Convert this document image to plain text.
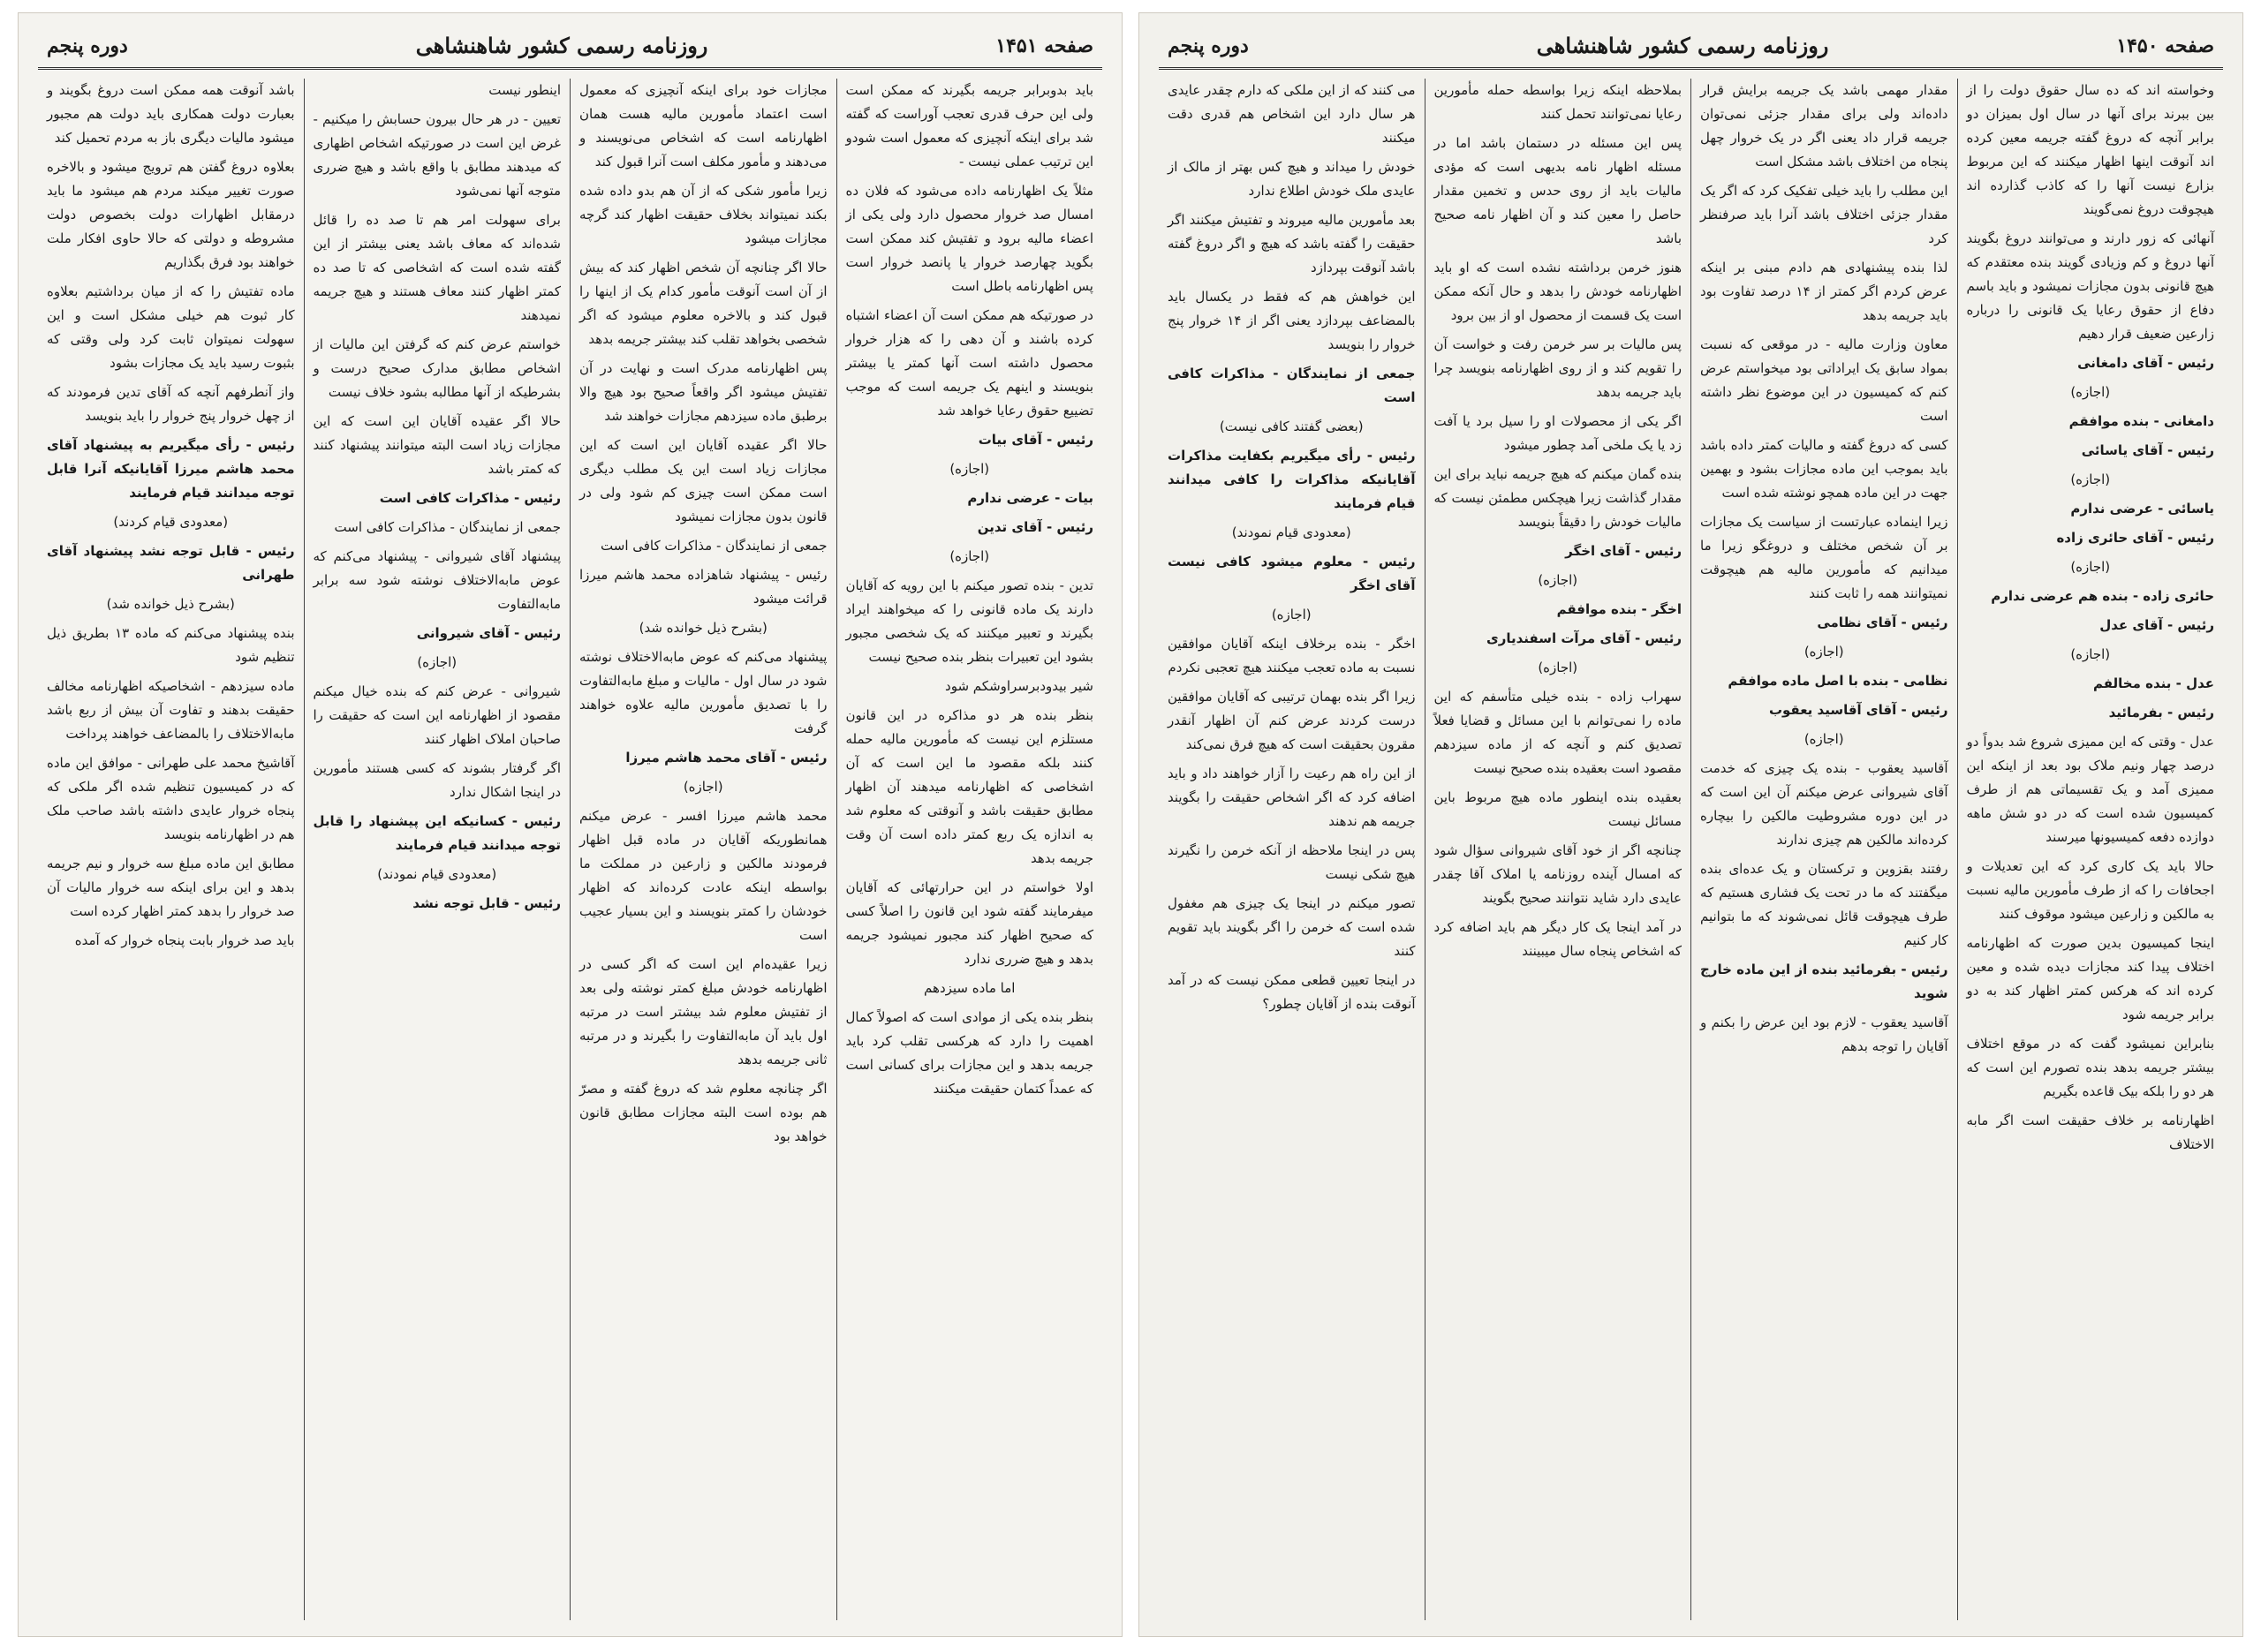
صفحه ۱۴۵۱
روزنامه رسمی کشور شاهنشاهی
دوره پنجم

باید بدوبرابر جریمه بگیرند که ممکن است ولی این حرف قدری تعجب آوراست که گفته شد برای اینکه آنچیزی که معمول است شودو این ترتیب عملی نیست -

مثلاً یک اظهارنامه داده می‌شود که فلان ده امسال صد خروار محصول دارد ولی یکی از اعضاء مالیه برود و تفتیش کند ممکن است بگوید چهارصد خروار یا پانصد خروار است پس اظهارنامه باطل است

در صورتیکه هم ممکن است آن اعضاء اشتباه کرده باشند و آن دهی را که هزار خروار محصول داشته است آنها کمتر یا بیشتر بنویسند و اینهم یک جریمه است که موجب تضییع حقوق رعایا خواهد شد

رئیس - آقای بیات

(اجازه)

بیات - عرضی ندارم

رئیس - آقای تدین

(اجازه)

تدین - بنده تصور میکنم با این رویه که آقایان دارند یک ماده قانونی را که میخواهند ایراد بگیرند و تعبیر میکنند که یک شخصی مجبور بشود این تعبیرات بنظر بنده صحیح نیست

شیر بیدودبرسراوشکم شود

بنظر بنده هر دو مذاکره در این قانون مستلزم این نیست که مأمورین مالیه حمله کنند بلکه مقصود ما این است که آن اشخاصی که اظهارنامه میدهند آن اظهار مطابق حقیقت باشد و آنوقتی که معلوم شد به اندازه یک ربع کمتر داده است آن وقت جریمه بدهد

اولا خواستم در این حرارتهائی که آقایان میفرمایند گفته شود این قانون را اصلاً کسی که صحیح اظهار کند مجبور نمیشود جریمه بدهد و هیچ ضرری ندارد

اما ماده سیزدهم

بنظر بنده یکی از موادی است که اصولاً کمال اهمیت را دارد که هرکسی تقلب کرد باید جریمه بدهد و این مجازات برای کسانی است که عمداً کتمان حقیقت میکنند

مجازات خود برای اینکه آنچیزی که معمول است اعتماد مأمورین مالیه هست همان اظهارنامه است که اشخاص می‌نویسند و می‌دهند و مأمور مکلف است آنرا قبول کند

زیرا مأمور شکی که از آن هم بدو داده شده بکند نمیتواند بخلاف حقیقت اظهار کند گرچه مجازات ميشود

حالا اگر چنانچه آن شخص اظهار کند که بیش از آن است آنوقت مأمور کدام یک از اینها را قبول کند و بالاخره معلوم میشود که اگر شخصی بخواهد تقلب کند بیشتر جریمه بدهد

پس اظهارنامه مدرک است و نهایت در آن تفتیش میشود اگر واقعاً صحیح بود هیچ والا برطبق ماده سیزدهم مجازات خواهند شد

حالا اگر عقیده آقایان این است که این مجازات زیاد است این یک مطلب دیگری است ممکن است چیزی کم شود ولی در قانون بدون مجازات نمیشود

جمعی از نمایندگان - مذاکرات کافی است

رئیس - پیشنهاد شاهزاده محمد هاشم میرزا قرائت میشود

(بشرح ذیل خوانده شد)

پیشنهاد می‌کنم که عوض مابه‌الاختلاف نوشته شود در سال اول - مالیات و مبلغ مابه‌التفاوت را با تصدیق مأمورین مالیه علاوه خواهند گرفت

رئیس - آقای محمد هاشم میرزا

(اجازه)

محمد هاشم میرزا افسر - عرض میکنم همانطوریکه آقایان در ماده قبل اظهار فرمودند مالکین و زارعین در مملکت ما بواسطه اینکه عادت کرده‌اند که اظهار خودشان را کمتر بنویسند و این بسیار عجیب است

زیرا عقیده‌ام این است که اگر کسی در اظهارنامه خودش مبلغ کمتر نوشته ولی بعد از تفتیش معلوم شد بیشتر است در مرتبه اول باید آن مابه‌التفاوت را بگیرند و در مرتبه ثانی جریمه بدهد

اگر چنانچه معلوم شد که دروغ گفته و مصرّ هم بوده است البته مجازات مطابق قانون خواهد بود

اینطور نیست

تعیین - در هر حال بیرون حسابش را میکنیم - غرض این است در صورتیکه اشخاص اظهاری که میدهند مطابق با واقع باشد و هیچ ضرری متوجه آنها نمی‌شود

برای سهولت امر هم تا صد ده را قائل شده‌اند که معاف باشد یعنی بیشتر از این گفته شده است که اشخاصی که تا صد ده کمتر اظهار کنند معاف هستند و هیچ جریمه نمیدهند

خواستم عرض کنم که گرفتن این مالیات از اشخاص مطابق مدارک صحیح درست و بشرطیکه از آنها مطالبه بشود خلاف نیست

حالا اگر عقیده آقایان این است که این مجازات زیاد است البته میتوانند پیشنهاد کنند که کمتر باشد

رئیس - مذاکرات کافی است

جمعی از نمایندگان - مذاکرات کافی است

پیشنهاد آقای شیروانی - پیشنهاد می‌کنم که عوض مابه‌الاختلاف نوشته شود سه برابر مابه‌التفاوت

رئیس - آقای شیروانی

(اجازه)

شیروانی - عرض کنم که بنده خیال میکنم مقصود از اظهارنامه این است که حقیقت را صاحبان املاک اظهار کنند

اگر گرفتار بشوند که کسی هستند مأمورین در اینجا اشکال ندارد

رئیس - کسانیکه این پیشنهاد را قابل توجه میدانند قیام فرمایند

(معدودی قیام نمودند)

رئیس - قابل توجه نشد

باشد آنوقت همه ممکن است دروغ بگویند و بعبارت دولت همکاری باید دولت هم مجبور میشود مالیات دیگری باز به مردم تحمیل کند

بعلاوه دروغ گفتن هم ترویج میشود و بالاخره صورت تغییر میکند مردم هم میشود ما باید درمقابل اظهارات دولت بخصوص دولت مشروطه و دولتی که حالا حاوی افکار ملت خواهند بود فرق بگذاریم

ماده تفتیش را که از میان برداشتیم بعلاوه کار ثبوت هم خیلی مشکل است و این سهولت نمیتوان ثابت کرد ولی وقتی که بثبوت رسید باید یک مجازات بشود

واز آنطرفهم آنچه که آقای تدین فرمودند که از چهل خروار پنج خروار را باید بنویسد

رئیس - رأی میگیریم به پیشنهاد آقای محمد هاشم میرزا آقایانیکه آنرا قابل توجه میدانند قیام فرمایند

(معدودی قیام کردند)

رئیس - قابل توجه نشد پیشنهاد آقای طهرانی

(بشرح ذیل خوانده شد)

بنده پیشنهاد می‌کنم که ماده ۱۳ بطریق ذیل تنظیم شود

ماده سیزدهم - اشخاصیکه اظهارنامه مخالف حقیقت بدهند و تفاوت آن بیش از ربع باشد مابه‌الاختلاف را بالمضاعف خواهند پرداخت

آقاشیخ محمد علی طهرانی - موافق این ماده که در کمیسیون تنظیم شده اگر ملکی که پنجاه خروار عایدی داشته باشد صاحب ملک هم در اظهارنامه بنویسد

مطابق این ماده مبلغ سه خروار و نیم جریمه بدهد و این برای اینکه سه خروار مالیات آن صد خروار را بدهد کمتر اظهار کرده است

باید صد خروار بابت پنجاه خروار که آمده

صفحه ۱۴۵۰
روزنامه رسمی کشور شاهنشاهی
دوره پنجم

وخواسته اند که ده سال حقوق دولت را از بین ببرند برای آنها در سال اول بمیزان دو برابر آنچه که دروغ گفته جریمه معین کرده اند آنوقت اینها اظهار میکنند که این مربوط بزارع نیست آنها را که کاذب گذارده اند هیچوقت دروغ نمی‌گویند

آنهائی که زور دارند و می‌توانند دروغ بگویند آنها دروغ و کم وزیادی گویند بنده معتقدم که هیچ قانونی بدون مجازات نمیشود و باید باسم دفاع از حقوق رعایا یک قانونی را درباره زارعین ضعیف قرار دهیم

رئیس - آقای دامغانی

(اجازه)

دامغانی - بنده موافقم

رئیس - آقای یاسائی

(اجازه)

یاسائی - عرضی ندارم

رئیس - آقای حائری زاده

(اجازه)

حائری زاده - بنده هم عرضی ندارم

رئیس - آقای عدل

(اجازه)

عدل - بنده مخالفم

رئیس - بفرمائید

عدل - وقتی که این ممیزی شروع شد بدواً دو درصد چهار ونیم ملاک بود بعد از اینکه این ممیزی آمد و یک تقسیماتی هم از طرف کمیسیون شده است که در دو شش ماهه دوازده دفعه کمیسیونها میرسند

حالا باید یک کاری کرد که این تعدیلات و اجحافات را که از طرف مأمورین مالیه نسبت به مالکین و زارعین میشود موقوف کنند

اینجا کمیسیون بدین صورت که اظهارنامه اختلاف پیدا کند مجازات دیده شده و معین کرده اند که هرکس کمتر اظهار کند به دو برابر جریمه شود

بنابراین نمیشود گفت که در موقع اختلاف بیشتر جریمه بدهد بنده تصورم این است که هر دو را بلکه بیک قاعده بگیریم

اظهارنامه بر خلاف حقیقت است اگر مابه الاختلاف

مقدار مهمی باشد یک جریمه برایش قرار داده‌اند ولی برای مقدار جزئی نمی‌توان جریمه قرار داد یعنی اگر در یک خروار چهل پنجاه من اختلاف باشد مشکل است

این مطلب را باید خیلی تفکیک کرد که اگر یک مقدار جزئی اختلاف باشد آنرا باید صرفنظر کرد

لذا بنده پیشنهادی هم دادم مبنی بر اینکه عرض کردم اگر کمتر از ۱۴ درصد تفاوت بود باید جریمه بدهد

معاون وزارت مالیه - در موقعی که نسبت بمواد سابق یک ایراداتی بود میخواستم عرض کنم که کمیسیون در این موضوع نظر داشته است

کسی که دروغ گفته و مالیات کمتر داده باشد باید بموجب این ماده مجازات بشود و بهمین جهت در این ماده همچو نوشته شده است

زیرا اینماده عبارتست از سیاست یک مجازات بر آن شخص مختلف و دروغگو زیرا ما میدانیم که مأمورین مالیه هم هیچوقت نمیتوانند همه را ثابت کنند

رئیس - آقای نظامی

(اجازه)

نظامی - بنده با اصل ماده موافقم

رئیس - آقای آقاسید یعقوب

(اجازه)

آقاسید یعقوب - بنده یک چیزی که خدمت آقای شیروانی عرض میکنم آن این است که در این دوره مشروطیت مالکین را بیچاره کرده‌اند مالکین هم چیزی ندارند

رفتند بقزوین و ترکستان و یک عده‌ای بنده میگفتند که ما در تحت یک فشاری هستیم که طرف هیچوقت قائل نمی‌شوند که ما بتوانیم کار کنیم

رئیس - بفرمائید بنده از این ماده خارج شوید

آقاسید یعقوب - لازم بود این عرض را بکنم و آقایان را توجه بدهم

بملاحظه اینکه زیرا بواسطه حمله مأمورین رعایا نمی‌توانند تحمل کنند

پس این مسئله در دستمان باشد اما در مسئله اظهار نامه بدیهی است که مؤدی مالیات باید از روی حدس و تخمین مقدار حاصل را معین کند و آن اظهار نامه صحیح باشد

هنوز خرمن برداشته نشده است که او باید اظهارنامه خودش را بدهد و حال آنکه ممکن است یک قسمت از محصول او از بین برود

پس مالیات بر سر خرمن رفت و خواست آن را تقویم کند و از روی اظهارنامه بنویسد چرا باید جریمه بدهد

اگر یکی از محصولات او را سیل برد یا آفت زد یا یک ملخی آمد چطور میشود

بنده گمان میکنم که هیچ جریمه نباید برای این مقدار گذاشت زیرا هیچکس مطمئن نیست که مالیات خودش را دقیقاً بنویسد

رئیس - آقای اخگر

(اجازه)

اخگر - بنده موافقم

رئیس - آقای مرآت اسفندیاری

(اجازه)

سهراب زاده - بنده خیلی متأسفم که این ماده را نمی‌توانم با این مسائل و قضایا فعلاً تصدیق کنم و آنچه که از ماده سیزدهم مقصود است بعقیده بنده صحیح نیست

بعقیده بنده اینطور ماده هیچ مربوط باین مسائل نیست

چنانچه اگر از خود آقای شیروانی سؤال شود که امسال آینده روزنامه یا املاک آقا چقدر عایدی دارد شاید نتوانند صحیح بگویند

در آمد اینجا یک کار دیگر هم باید اضافه کرد که اشخاص پنجاه سال میبینند

می کنند که از این ملکی که دارم چقدر عایدی هر سال دارد این اشخاص هم قدری دقت میکنند

خودش را میداند و هیچ کس بهتر از مالک از عایدی ملک خودش اطلاع ندارد

بعد مأمورین مالیه میروند و تفتیش میکنند اگر حقیقت را گفته باشد که هیچ و اگر دروغ گفته باشد آنوقت بپردازد

این خواهش هم که فقط در یکسال باید بالمضاعف بپردازد یعنی اگر از ۱۴ خروار پنج خروار را بنویسد

جمعی از نمایندگان - مذاکرات کافی است

(بعضی گفتند کافی نیست)

رئیس - رأی میگیریم بکفایت مذاکرات آقایانیکه مذاکرات را کافی میدانند قیام فرمایند

(معدودی قیام نمودند)

رئیس - معلوم میشود کافی نیست آقای اخگر

(اجازه)

اخگر - بنده برخلاف اینکه آقایان موافقین نسبت به ماده تعجب میکنند هیچ تعجبی نکردم

زیرا اگر بنده بهمان ترتیبی که آقایان موافقین درست کردند عرض کنم آن اظهار آنقدر مقرون بحقیقت است که هیچ فرق نمی‌کند

از این راه هم رعیت را آزار خواهند داد و باید اضافه کرد که اگر اشخاص حقیقت را بگویند جریمه هم ندهند

پس در اینجا ملاحظه از آنکه خرمن را نگیرند هیچ شکی نیست

تصور میکنم در اینجا یک چیزی هم مغفول شده است که خرمن را اگر بگویند باید تقویم کنند

در اینجا تعیین قطعی ممکن نیست که در آمد آنوقت بنده از آقایان چطور؟
